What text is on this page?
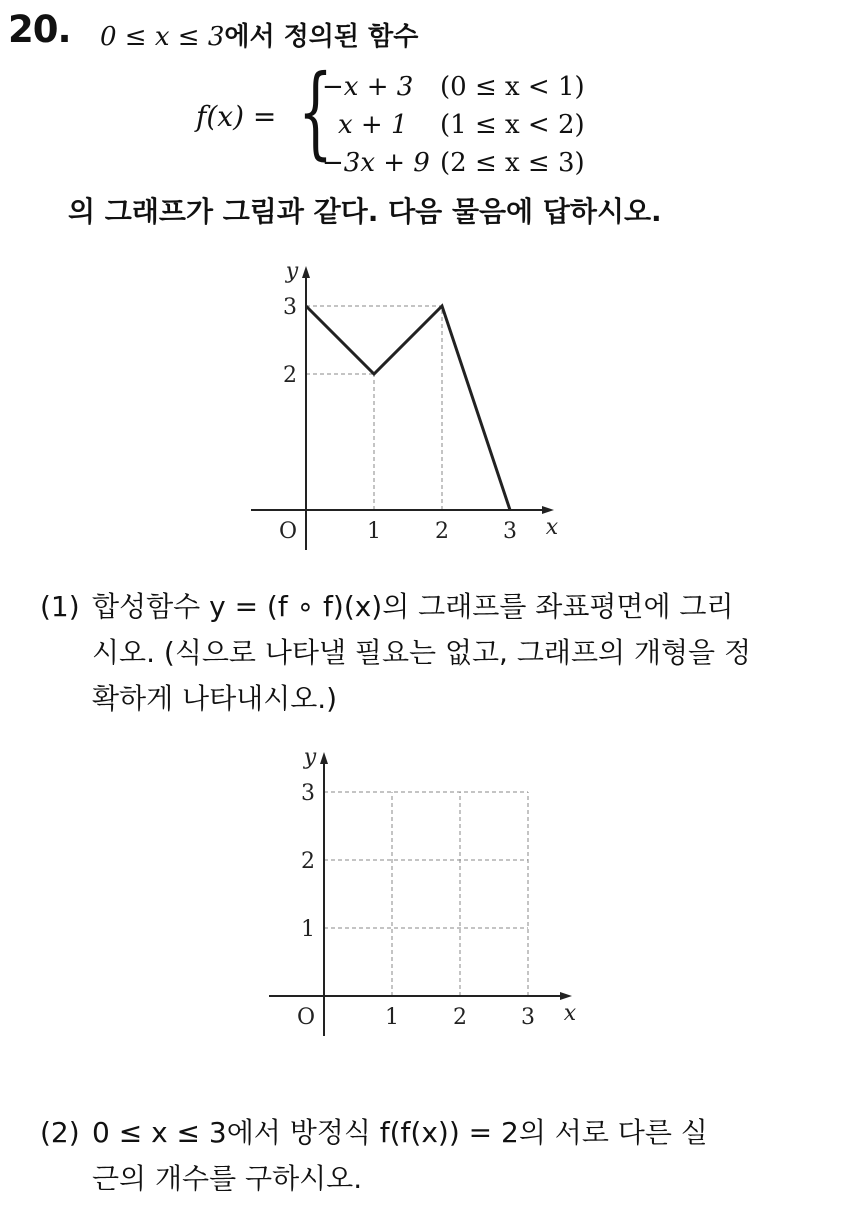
20. 0 ≤ x ≤ 3에서 정의된 함수
f(x) = {
−x + 3	(0 ≤ x < 1)
x + 1	(1 ≤ x < 2)
−3x + 9 (2 ≤ x ≤ 3)
의 그래프가 그림과 같다. 다음 물음에 답하시오.
x
y
O	1 2 3
2
3
(1) 합성함수 y = (f ∘ f)(x)의 그래프를 좌표평면에 그리
시오. (식으로 나타낼 필요는 없고, 그래프의 개형을 정
확하게 나타내시오.)
x
y
O	1 2 3
1
2
3
(2) 0 ≤ x ≤ 3에서 방정식 f(f(x)) = 2의 서로 다른 실
근의 개수를 구하시오.
